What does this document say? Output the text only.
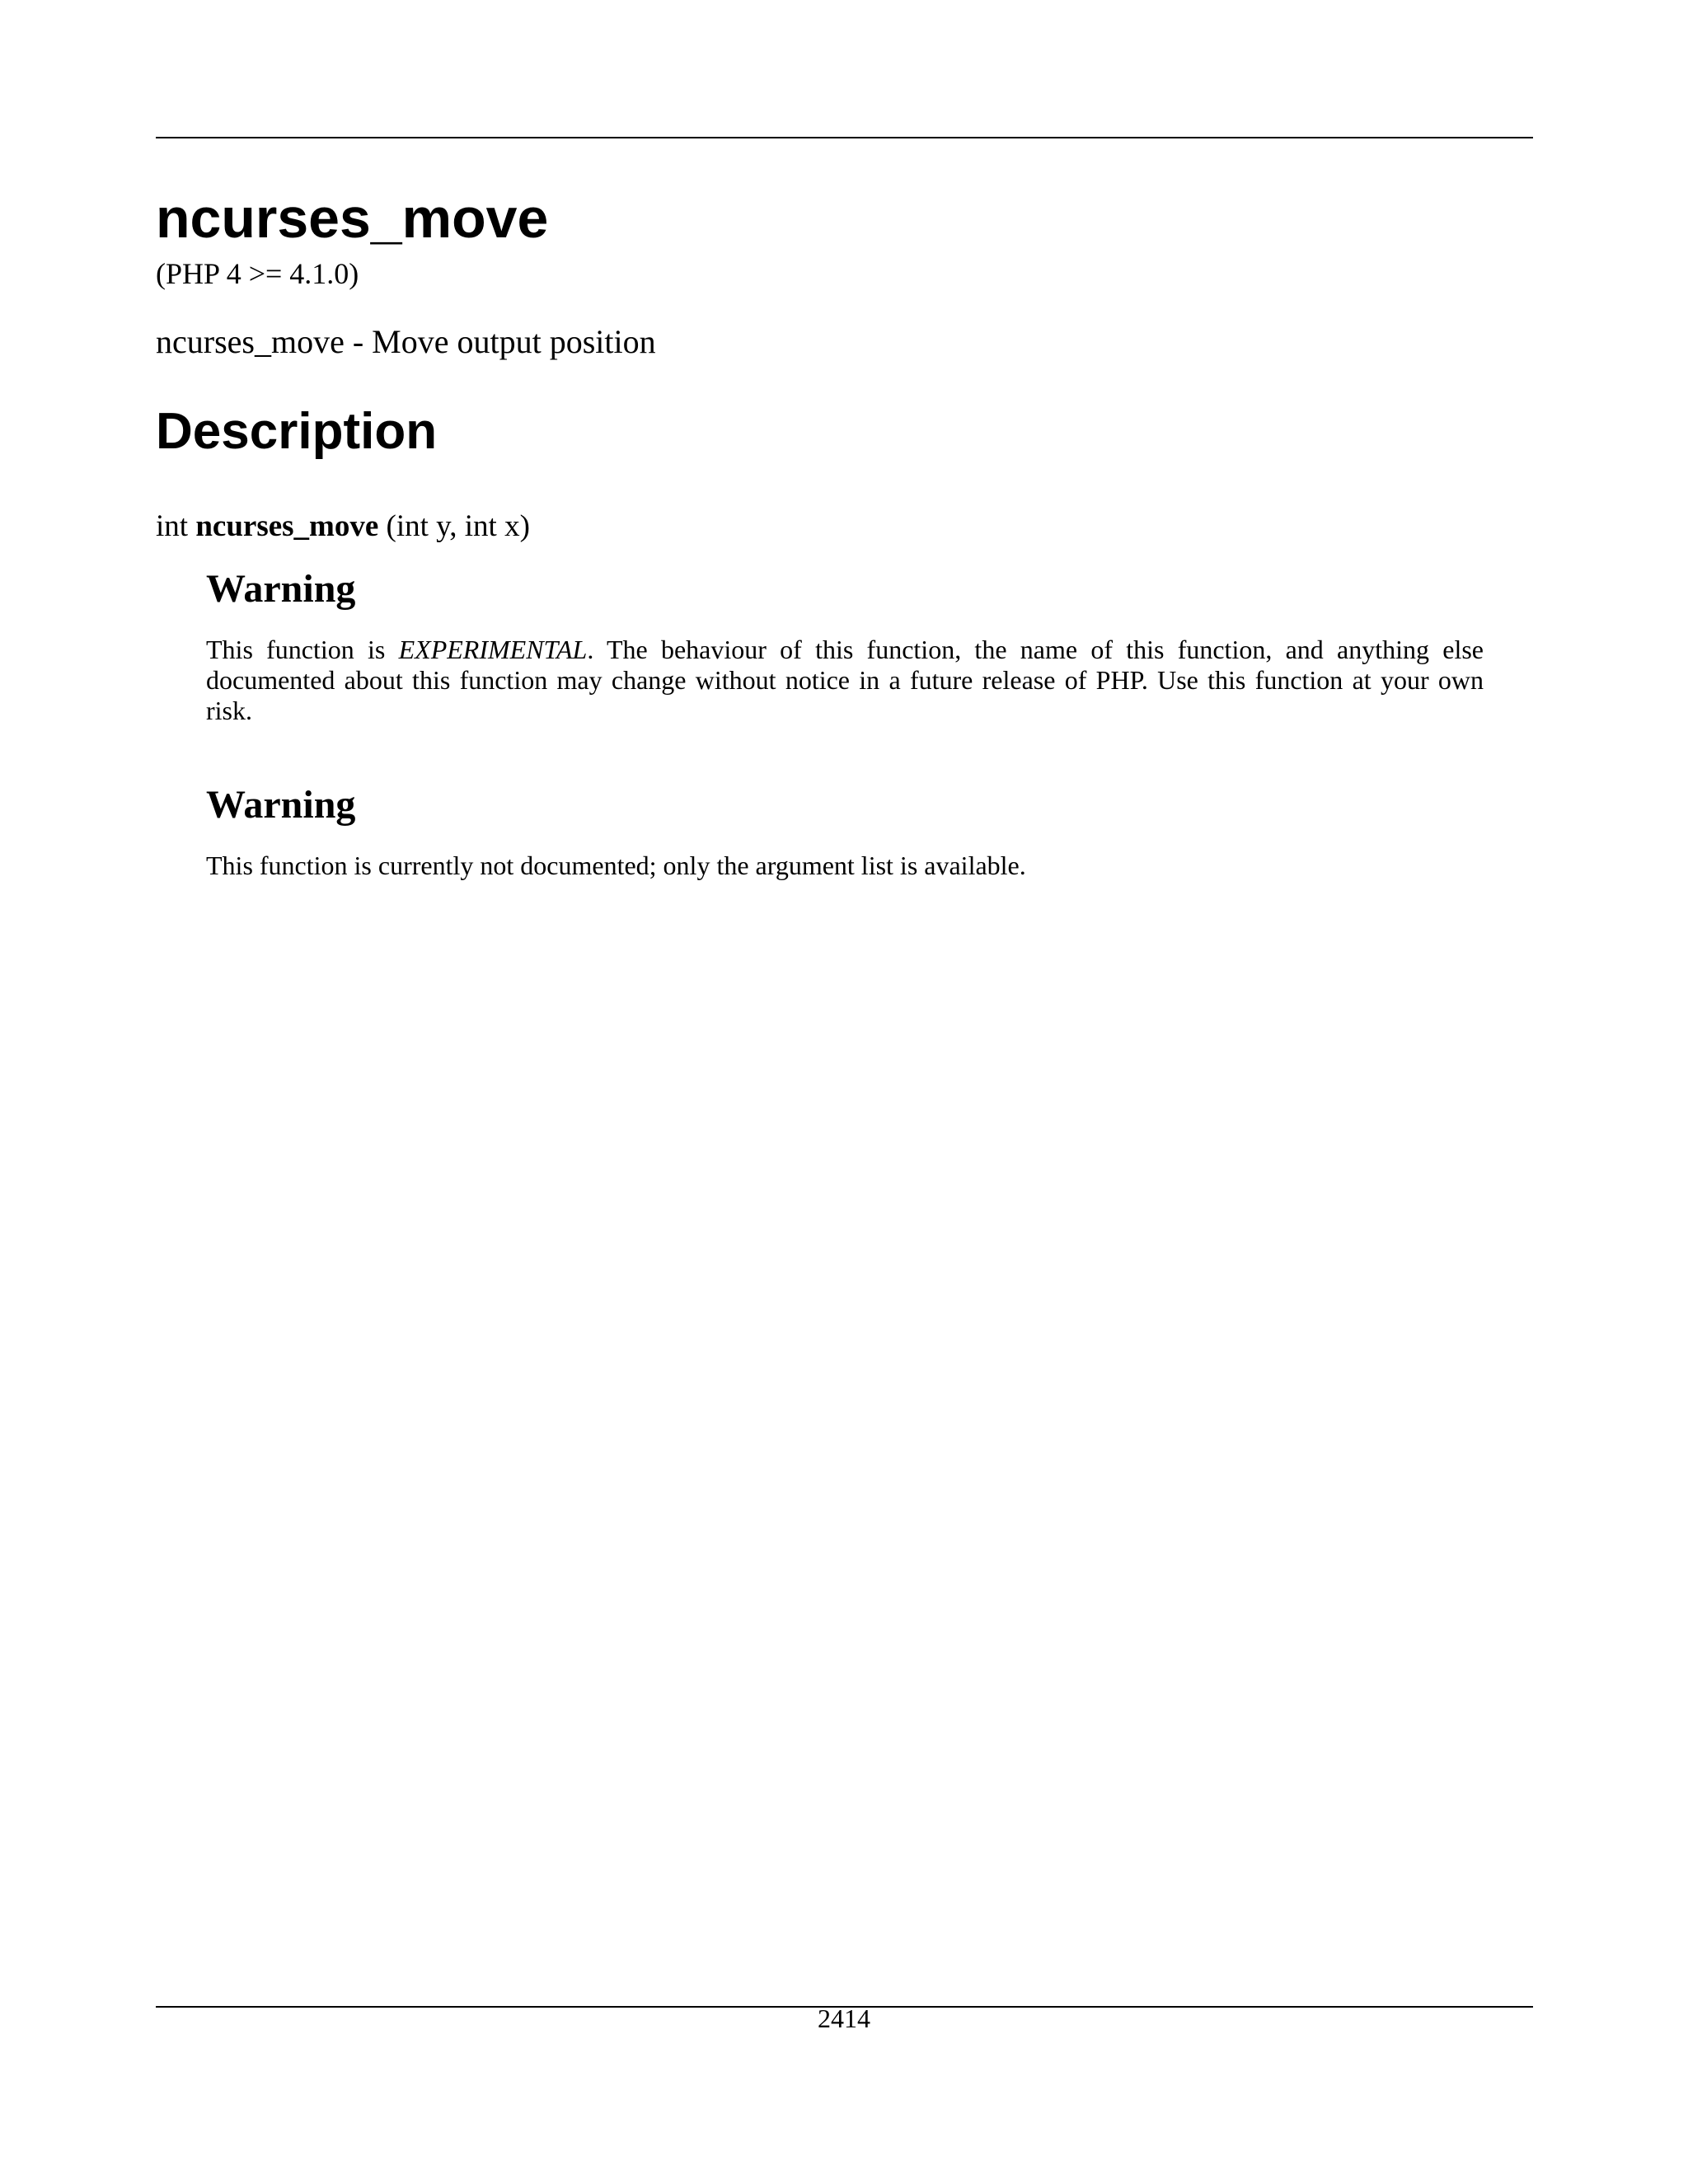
ncurses_move

(PHP 4 >= 4.1.0)

ncurses_move - Move output position

Description

int ncurses_move (int y, int x)

Warning

This function is EXPERIMENTAL. The behaviour of this function, the name of this function, and anything else documented about this function may change without notice in a future release of PHP. Use this function at your own risk.

Warning

This function is currently not documented; only the argument list is available.

2414
